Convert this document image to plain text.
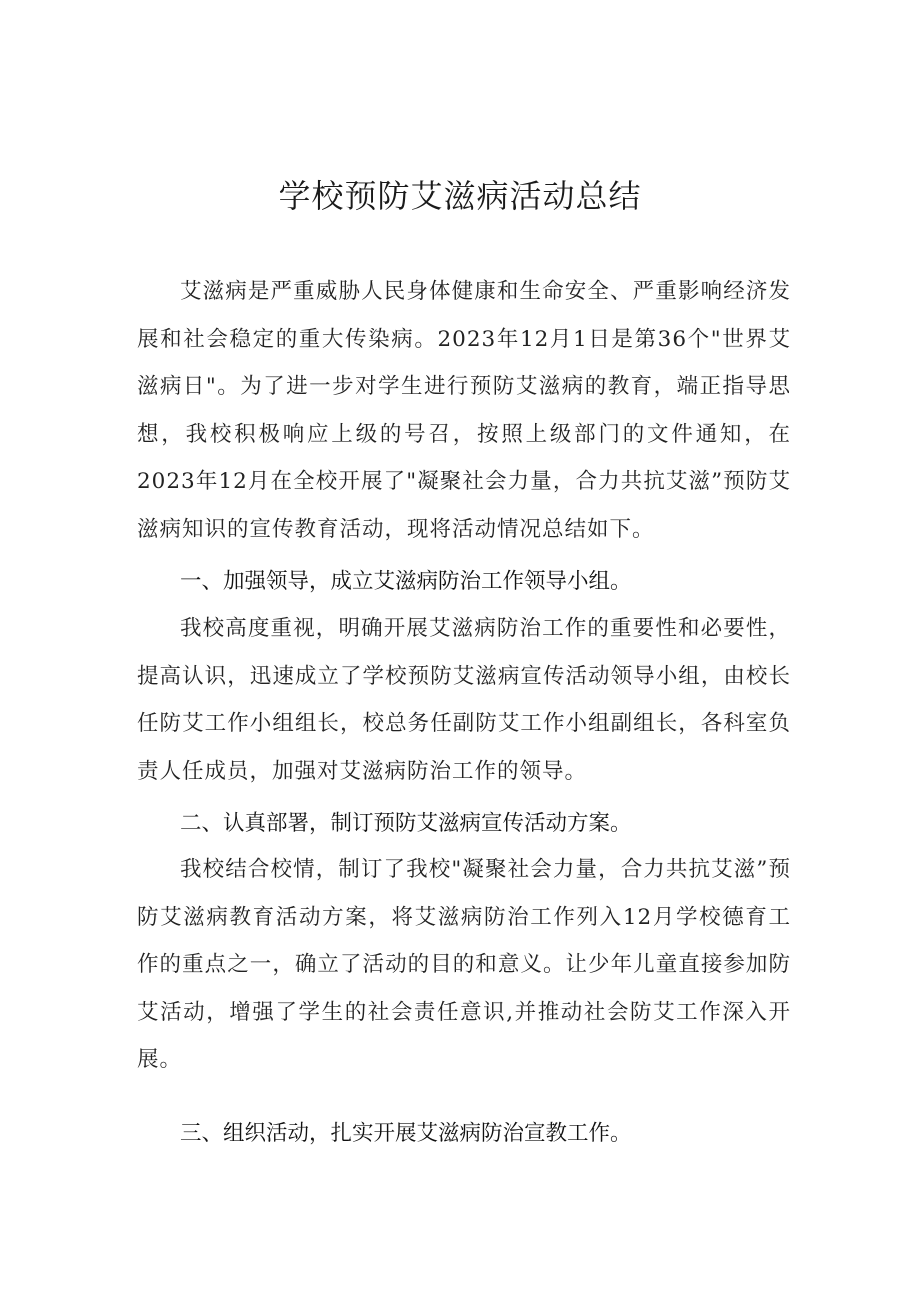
学校预防艾滋病活动总结
艾滋病是严重威胁人民身体健康和生命安全、严重影响经济发展和社会稳定的重大传染病。2023年12月1日是第36个"世界艾滋病日"。为了进一步对学生进行预防艾滋病的教育，端正指导思想，我校积极响应上级的号召，按照上级部门的文件通知，在2023年12月在全校开展了"凝聚社会力量，合力共抗艾滋”预防艾滋病知识的宣传教育活动，现将活动情况总结如下。
一、加强领导，成立艾滋病防治工作领导小组。
我校高度重视，明确开展艾滋病防治工作的重要性和必要性，提高认识，迅速成立了学校预防艾滋病宣传活动领导小组，由校长任防艾工作小组组长，校总务任副防艾工作小组副组长，各科室负责人任成员，加强对艾滋病防治工作的领导。
二、认真部署，制订预防艾滋病宣传活动方案。
我校结合校情，制订了我校"凝聚社会力量，合力共抗艾滋”预防艾滋病教育活动方案，将艾滋病防治工作列入12月学校德育工作的重点之一，确立了活动的目的和意义。让少年儿童直接参加防艾活动，增强了学生的社会责任意识,并推动社会防艾工作深入开展。
三、组织活动，扎实开展艾滋病防治宣教工作。
